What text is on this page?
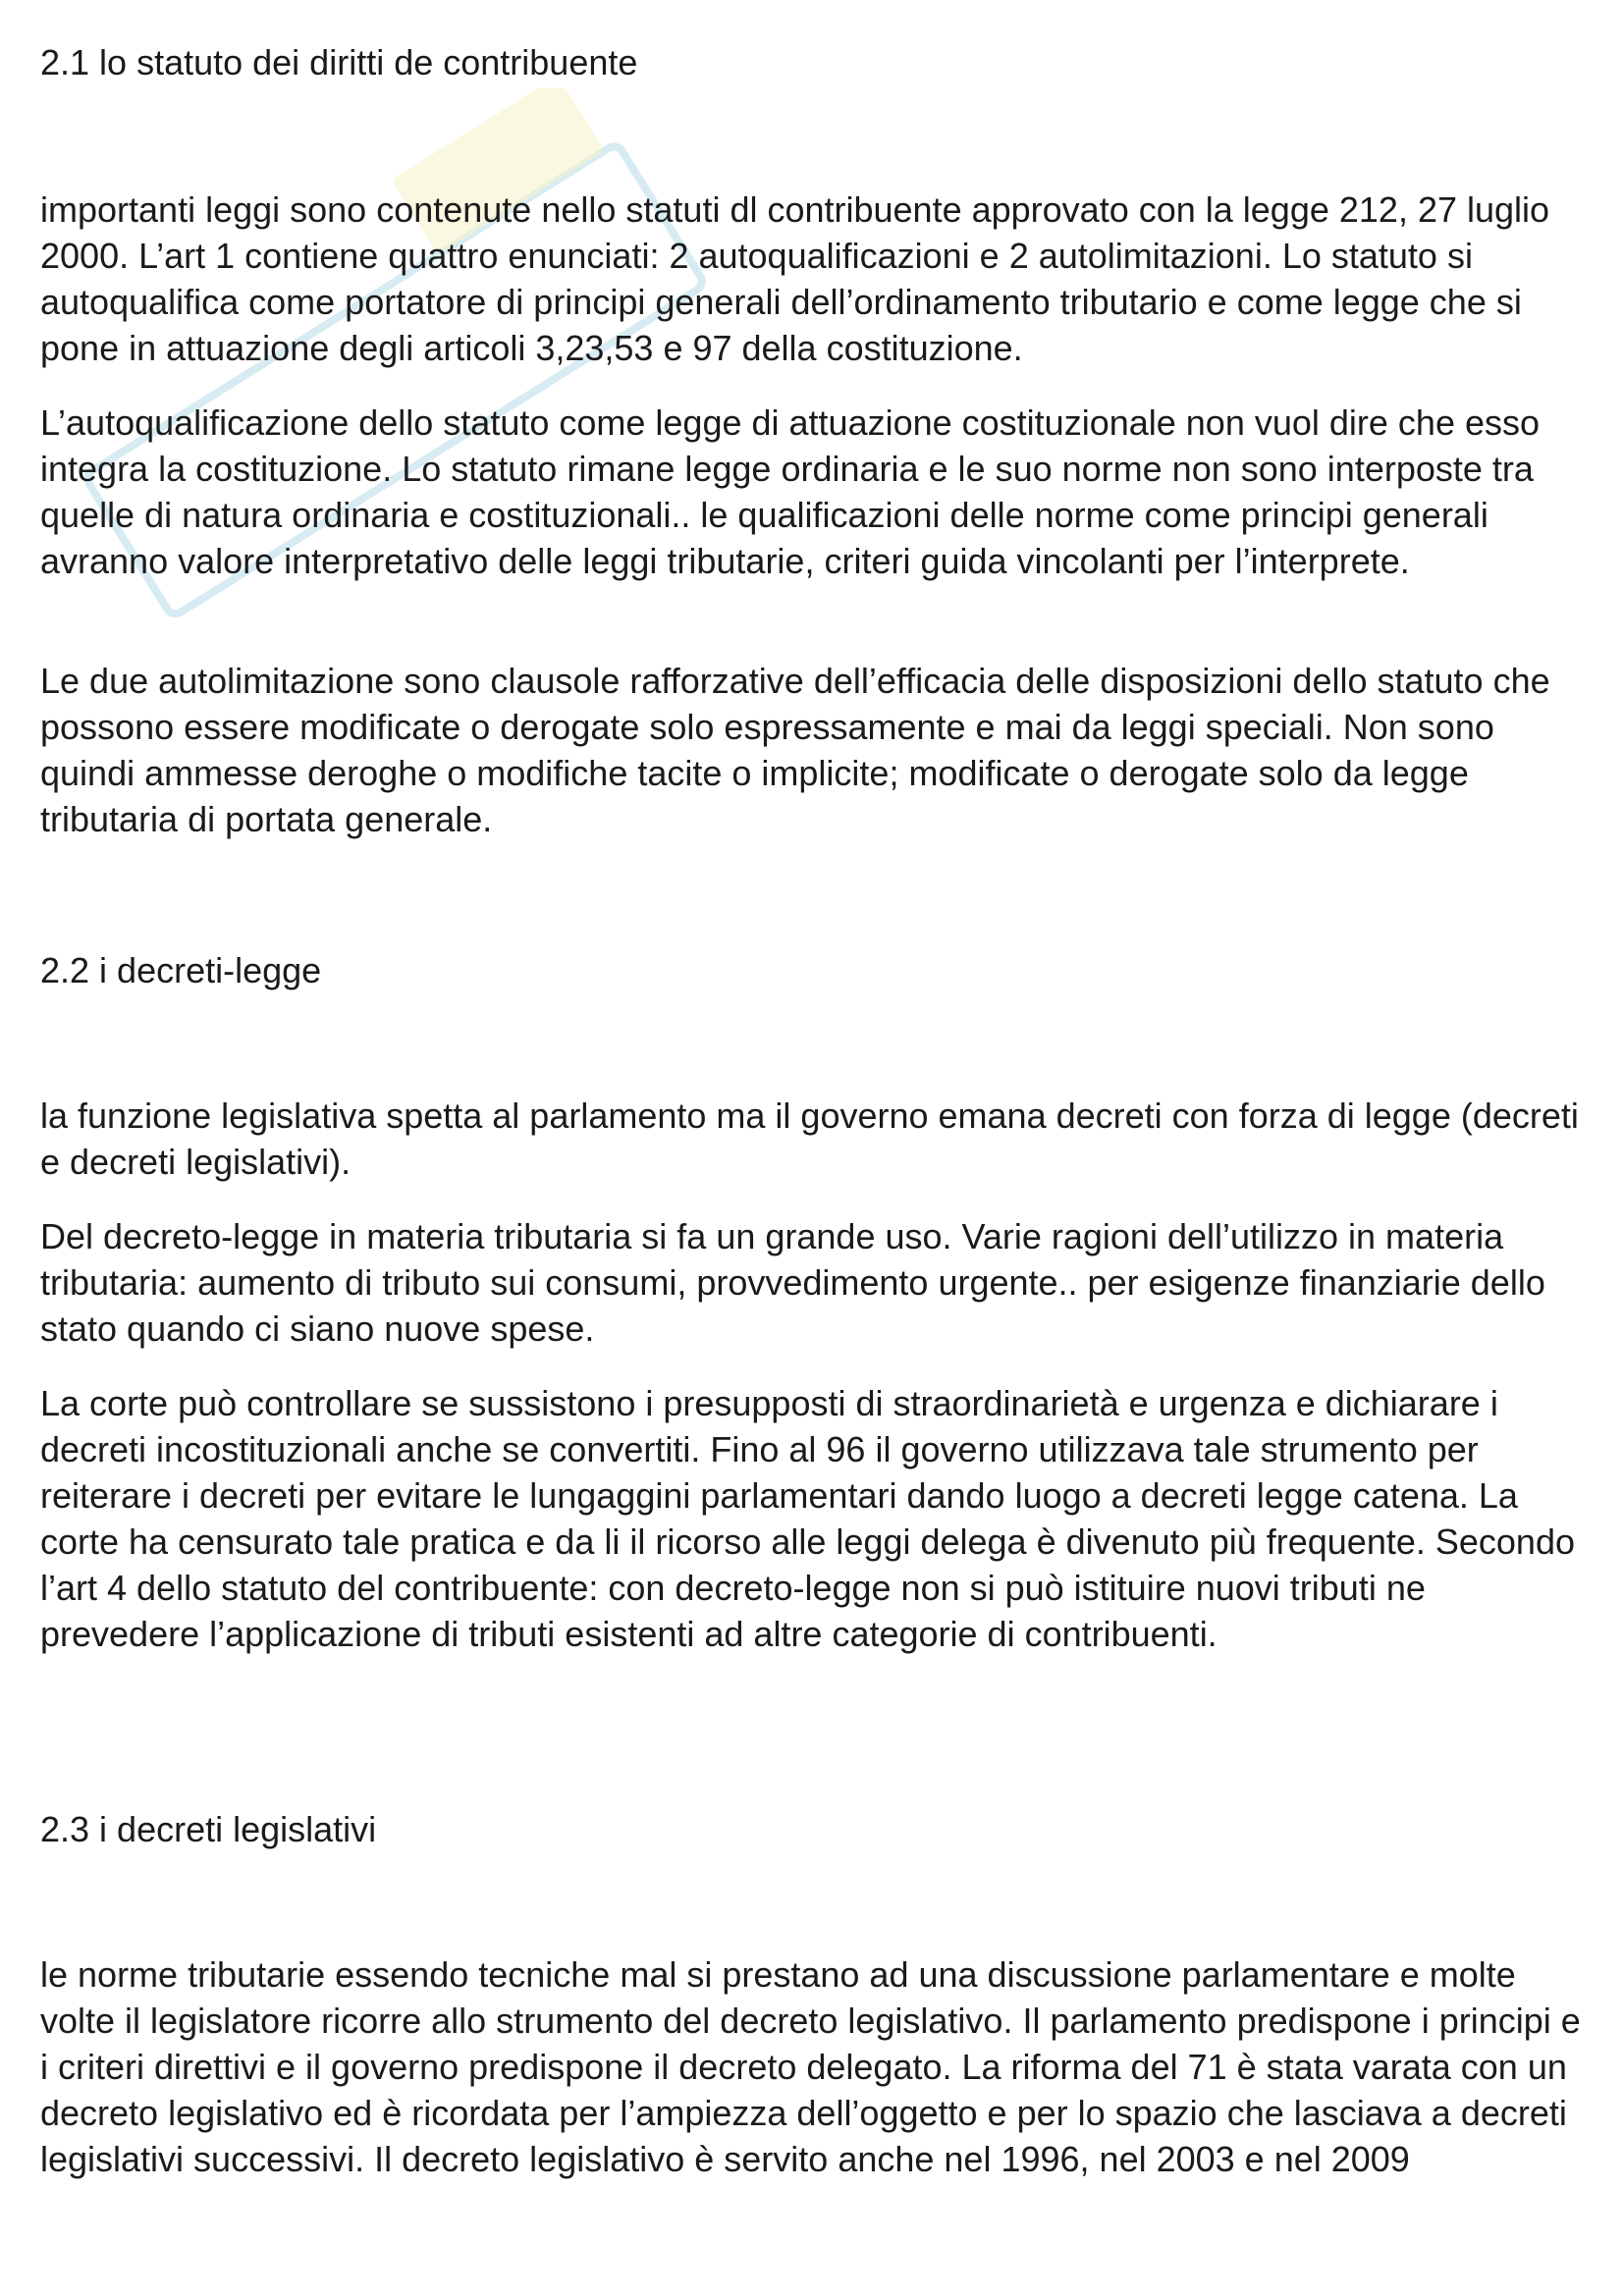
2.1 lo statuto dei diritti de contribuente

importanti leggi sono contenute nello statuti dl contribuente approvato con la legge 212, 27 luglio 2000. L’art 1 contiene quattro enunciati: 2 autoqualificazioni e 2 autolimitazioni. Lo statuto si autoqualifica come portatore di principi generali dell’ordinamento tributario e come legge che si pone in attuazione degli articoli 3,23,53 e 97 della costituzione.

L’autoqualificazione dello statuto come legge di attuazione costituzionale non vuol dire che esso integra la costituzione. Lo statuto rimane legge ordinaria e le suo norme non sono interposte tra quelle di natura ordinaria e costituzionali.. le qualificazioni delle norme come principi generali avranno valore interpretativo delle leggi tributarie, criteri guida vincolanti per l’interprete.

Le due autolimitazione sono clausole rafforzative dell’efficacia delle disposizioni dello statuto che possono essere modificate o derogate solo espressamente e mai da leggi speciali. Non sono quindi ammesse deroghe o modifiche tacite o implicite; modificate o derogate solo da legge tributaria di portata generale.

2.2 i decreti-legge

la funzione legislativa spetta al parlamento ma il governo emana decreti con forza di legge (decreti e decreti legislativi).

Del decreto-legge in materia tributaria si fa un grande uso. Varie ragioni dell’utilizzo in materia tributaria: aumento di tributo sui consumi, provvedimento urgente.. per esigenze finanziarie dello stato quando ci siano nuove spese.

La corte può controllare se sussistono i presupposti di straordinarietà e urgenza e dichiarare i decreti incostituzionali anche se convertiti. Fino al 96 il governo utilizzava tale strumento per reiterare i decreti per evitare le lungaggini parlamentari dando luogo a decreti legge catena. La corte ha censurato tale pratica e da li il ricorso alle leggi delega è divenuto più frequente. Secondo l’art 4 dello statuto del contribuente: con decreto-legge non si può istituire nuovi tributi ne prevedere l’applicazione di tributi esistenti ad altre categorie di contribuenti.

2.3 i decreti legislativi

le norme tributarie essendo tecniche mal si prestano ad una discussione parlamentare e molte volte il legislatore ricorre allo strumento del decreto legislativo. Il parlamento predispone i principi e i criteri direttivi e il governo predispone il decreto delegato. La riforma del 71 è stata varata con un decreto legislativo ed è ricordata per l’ampiezza dell’oggetto e per lo spazio che lasciava a decreti legislativi successivi. Il decreto legislativo è servito anche nel 1996, nel 2003 e nel 2009
